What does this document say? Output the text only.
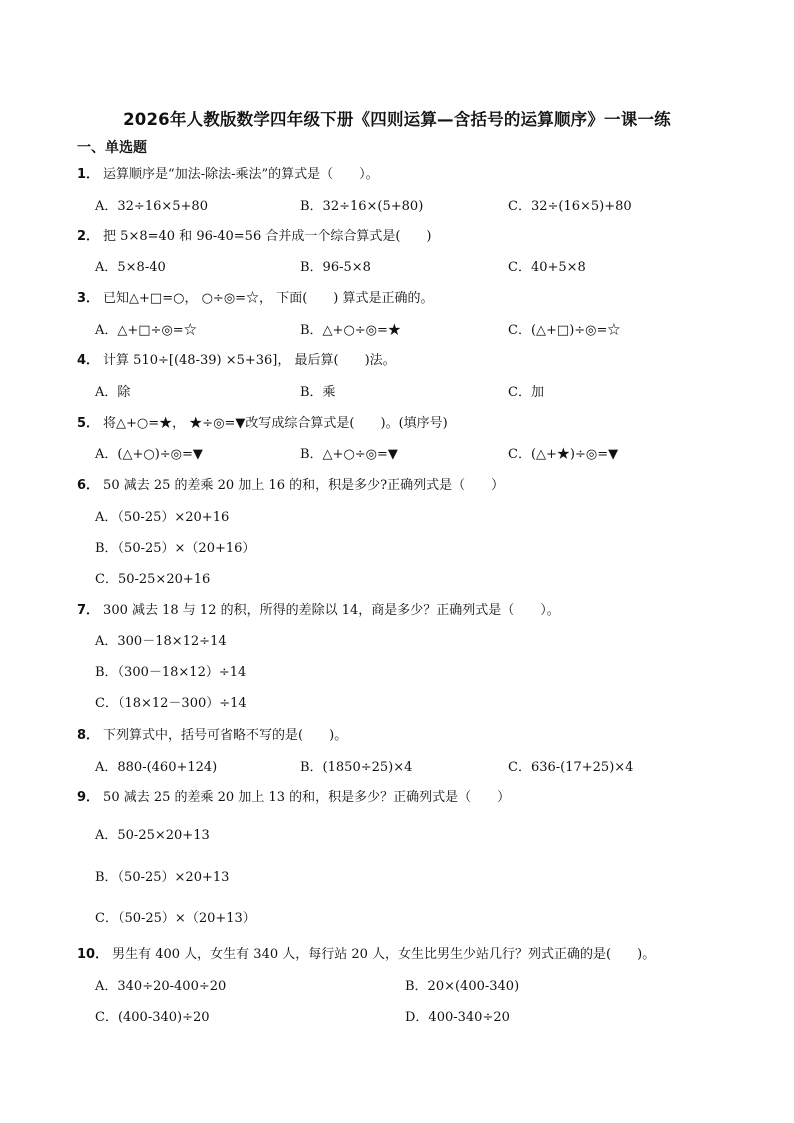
2026年人教版数学四年级下册《四则运算—含括号的运算顺序》一课一练
一、单选题
1． 运算顺序是“加法-除法-乘法”的算式是（　　）。
A．32÷16×5+80	B．32÷16×(5+80)	C．32÷(16×5)+80
2． 把 5×8=40 和 96-40=56 合并成一个综合算式是(　　)
A．5×8-40	B．96-5×8	C．40+5×8
3． 已知△+□=○， ○÷◎=☆， 下面(　　) 算式是正确的。
A．△+□÷◎=☆	B．△+○÷◎=★	C．(△+□)÷◎=☆
4． 计算 510÷[(48-39) ×5+36]， 最后算(　　)法。
A．除	B．乘	C．加
5． 将△+○=★， ★÷◎=▼改写成综合算式是(　　)。(填序号)
A．(△+○)÷◎=▼	B．△+○÷◎=▼	C．(△+★)÷◎=▼
6． 50 减去 25 的差乘 20 加上 16 的和，积是多少?正确列式是（　　）
A．（50-25）×20+16
B．（50-25）×（20+16）
C．50-25×20+16
7． 300 减去 18 与 12 的积，所得的差除以 14，商是多少？正确列式是（　　）。
A．300－18×12÷14
B．（300－18×12）÷14
C．（18×12－300）÷14
8． 下列算式中，括号可省略不写的是(　　)。
A．880-(460+124)	B．(1850÷25)×4	C．636-(17+25)×4
9． 50 减去 25 的差乘 20 加上 13 的和，积是多少？正确列式是（　　）
A．50-25×20+13
B．（50-25）×20+13
C．（50-25）×（20+13）
10． 男生有 400 人，女生有 340 人，每行站 20 人，女生比男生少站几行？列式正确的是(　　)。
A．340÷20-400÷20	B．20×(400-340)
C．(400-340)÷20	D．400-340÷20
